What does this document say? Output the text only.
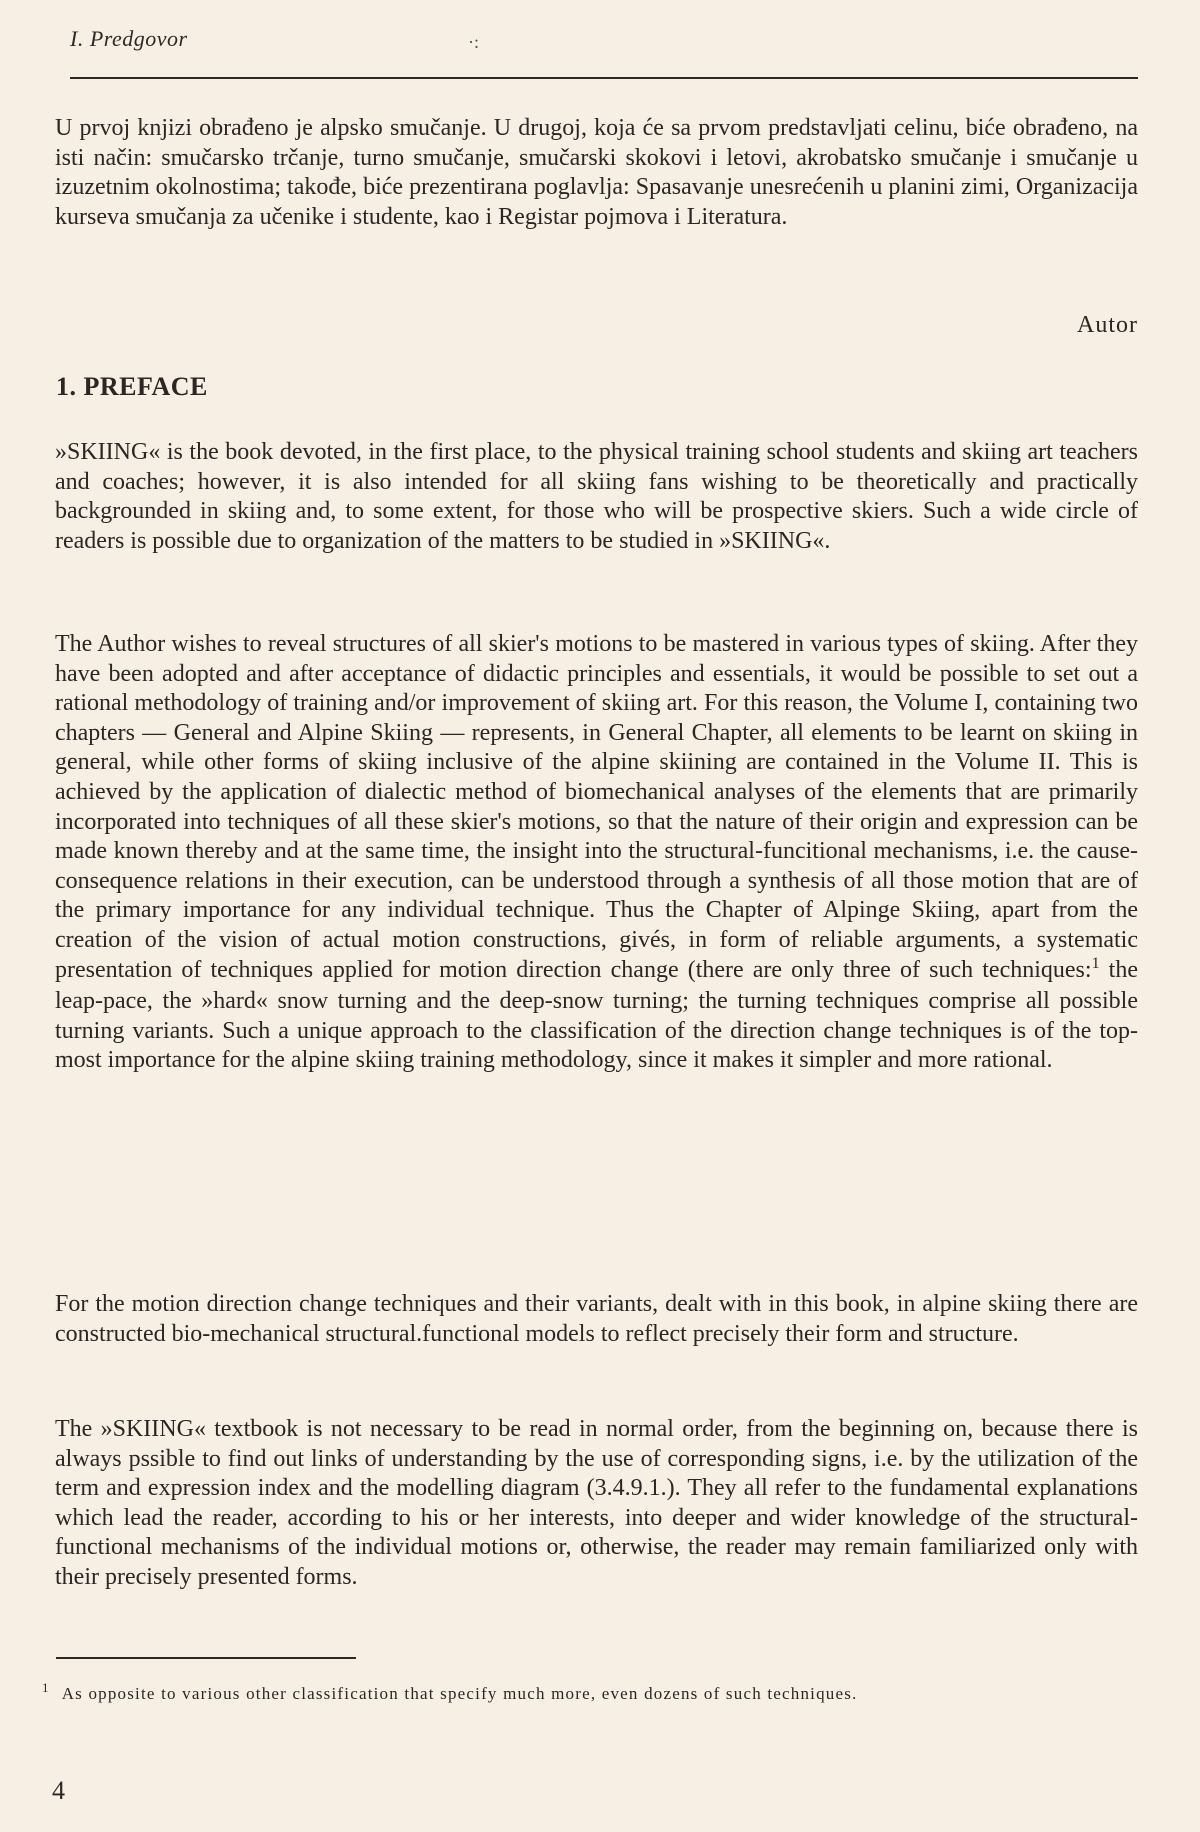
I. Predgovor	·:

U prvoj knjizi obrađeno je alpsko smučanje. U drugoj, koja će sa prvom predstavljati celinu, biće obrađeno, na isti način: smučarsko trčanje, turno smučanje, smučarski skokovi i letovi, akrobatsko smučanje i smučanje u izuzetnim okolnostima; takođe, biće prezentirana poglavlja: Spasavanje unesrećenih u planini zimi, Organizacija kurseva smučanja za učenike i studente, kao i Registar pojmova i Literatura.

Autor
1. PREFACE

»SKIING« is the book devoted, in the first place, to the physical training school students and skiing art teachers and coaches; however, it is also intended for all skiing fans wishing to be theoretically and practically backgrounded in skiing and, to some extent, for those who will be prospective skiers. Such a wide circle of readers is possible due to organization of the matters to be studied in »SKIING«.

The Author wishes to reveal structures of all skier's motions to be mastered in various types of skiing. After they have been adopted and after acceptance of didactic principles and essentials, it would be possible to set out a rational methodology of training and/or improvement of skiing art. For this reason, the Volume I, containing two chapters — General and Alpine Skiing — represents, in General Chapter, all elements to be learnt on skiing in general, while other forms of skiing inclusive of the alpine skiining are contained in the Volume II. This is achieved by the application of dialectic method of biomechanical analyses of the elements that are primarily incorporated into techniques of all these skier's motions, so that the nature of their origin and expression can be made known thereby and at the same time, the insight into the structural-funcitional mechanisms, i.e. the cause-consequence relations in their execution, can be understood through a synthesis of all those motion that are of the primary importance for any individual technique. Thus the Chapter of Alpinge Skiing, apart from the creation of the vision of actual motion constructions, givés, in form of reliable arguments, a systematic presentation of techniques applied for motion direction change (there are only three of such techniques:$^1$ the leap-pace, the »hard« snow turning and the deep-snow turning; the turning techniques comprise all possible turning variants. Such a unique approach to the classification of the direction change techniques is of the top-most importance for the alpine skiing training methodology, since it makes it simpler and more rational.

For the motion direction change techniques and their variants, dealt with in this book, in alpine skiing there are constructed bio-mechanical structural.functional models to reflect precisely their form and structure.

The »SKIING« textbook is not necessary to be read in normal order, from the beginning on, because there is always pssible to find out links of understanding by the use of corresponding signs, i.e. by the utilization of the term and expression index and the modelling diagram (3.4.9.1.). They all refer to the fundamental explanations which lead the reader, according to his or her interests, into deeper and wider knowledge of the structural-functional mechanisms of the individual motions or, otherwise, the reader may remain familiarized only with their precisely presented forms.

$^1$ As opposite to various other classification that specify much more, even dozens of such techniques.

4
